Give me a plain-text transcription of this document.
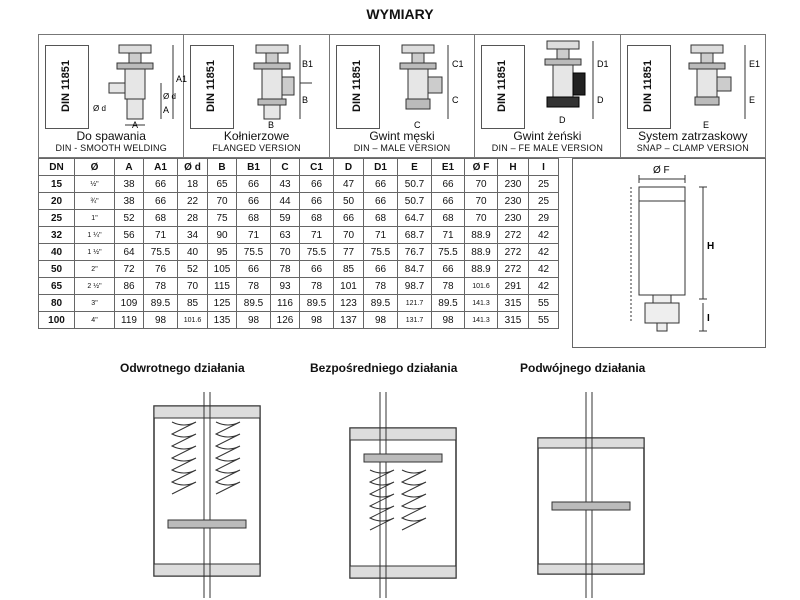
WYMIARY
DIN 11851	A1
Ø d
A
Ø d
A
Do spawania
DIN - SMOOTH WELDING
DIN 11851	B1
B
B
Kołnierzowe
FLANGED VERSION
DIN 11851	C1
C
C
Gwint męski
DIN – MALE VERSION
DIN 11851	D1
D
D
Gwint żeński
DIN – FE MALE VERSION
DIN 11851	E1
E
E
System zatrzaskowy
SNAP – CLAMP VERSION
DN	Ø	A	A1	Ø d	B	B1	C	C1	D	D1	E	E1	Ø F	H	I
15	½"	38	66	18	65	66	43	66	47	66	50.7	66	70	230	25
20	¾"	38	66	22	70	66	44	66	50	66	50.7	66	70	230	25
25	1"	52	68	28	75	68	59	68	66	68	64.7	68	70	230	29
32	1 ¼"	56	71	34	90	71	63	71	70	71	68.7	71	88.9	272	42
40	1 ½"	64	75.5	40	95	75.5	70	75.5	77	75.5	76.7	75.5	88.9	272	42
50	2"	72	76	52	105	66	78	66	85	66	84.7	66	88.9	272	42
65	2 ½"	86	78	70	115	78	93	78	101	78	98.7	78	101.6	291	42
80	3"	109	89.5	85	125	89.5	116	89.5	123	89.5	121.7	89.5	141.3	315	55
100	4"	119	98	101.6	135	98	126	98	137	98	131.7	98	141.3	315	55
Ø F
H
I
Odwrotnego działania	Bezpośredniego działania	Podwójnego działania
